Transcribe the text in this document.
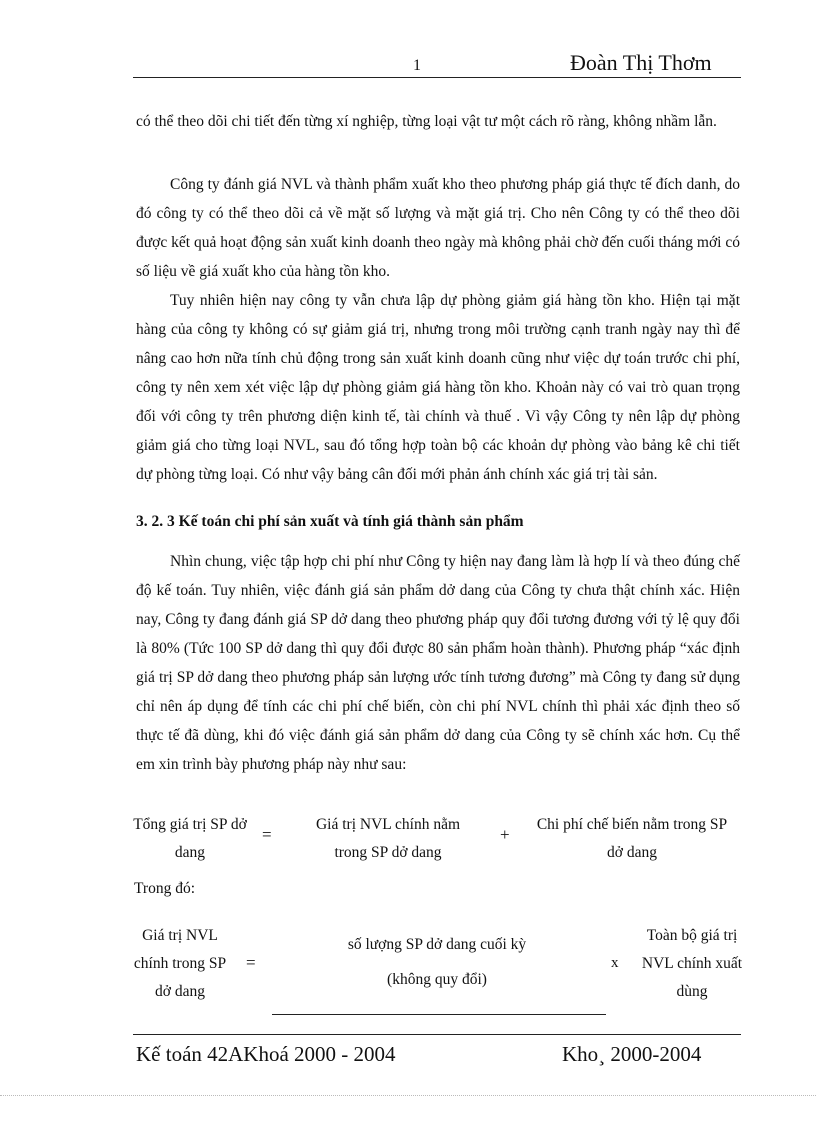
1	Đoàn Thị Thơm

có thể theo dõi chi tiết đến từng xí nghiệp, từng loại vật tư một cách rõ ràng, không nhầm lẫn.

Công ty đánh giá NVL và thành phẩm xuất kho theo phương pháp giá thực tế đích danh, do đó công ty có thể theo dõi cả về mặt số lượng và mặt giá trị. Cho nên Công ty có thể theo dõi được kết quả hoạt động sản xuất kinh doanh theo ngày mà không phải chờ đến cuối tháng mới có số liệu về giá xuất kho của hàng tồn kho.

Tuy nhiên hiện nay công ty vẫn chưa lập dự phòng giảm giá hàng tồn kho. Hiện tại mặt hàng của công ty không có sự giảm giá trị, nhưng trong môi trường cạnh tranh ngày nay thì để nâng cao hơn nữa tính chủ động trong sản xuất kinh doanh cũng như việc dự toán trước chi phí, công ty nên xem xét việc lập dự phòng giảm giá hàng tồn kho. Khoản này có vai trò quan trọng đối với công ty trên phương diện kinh tế, tài chính và thuế . Vì vậy Công ty nên lập dự phòng giảm giá cho từng loại NVL, sau đó tổng hợp toàn bộ các khoản dự phòng vào bảng kê chi tiết dự phòng từng loại. Có như vậy bảng cân đối mới phản ánh chính xác giá trị tài sản.

3. 2. 3 Kế toán chi phí sản xuất và tính giá thành sản phẩm

Nhìn chung, việc tập hợp chi phí như Công ty hiện nay đang làm là hợp lí và theo đúng chế độ kế toán. Tuy nhiên, việc đánh giá sản phẩm dở dang của Công ty chưa thật chính xác. Hiện nay, Công ty đang đánh giá SP dở dang theo phương pháp quy đổi tương đương với tỷ lệ quy đổi là 80% (Tức 100 SP dở dang thì quy đổi được 80 sản phẩm hoàn thành). Phương pháp “xác định giá trị SP dở dang theo phương pháp sản lượng ước tính tương đương” mà Công ty đang sử dụng chỉ nên áp dụng để tính các chi phí chế biến, còn chi phí NVL chính thì phải xác định theo số thực tế đã dùng, khi đó việc đánh giá sản phẩm dở dang của Công ty sẽ chính xác hơn. Cụ thể em xin trình bày phương pháp này như sau:

Tổng giá trị SP dở dang
=
Giá trị NVL chính nằm trong SP dở dang
+
Chi phí chế biến nằm trong SP dở dang
Trong đó:
Giá trị NVL chính trong SP dở dang
=
số lượng SP dở dang cuối kỳ
(không quy đổi)
x
Toàn bộ giá trị NVL chính xuất dùng
Kế toán 42AKhoá 2000 - 2004	Kho¸ 2000-2004
